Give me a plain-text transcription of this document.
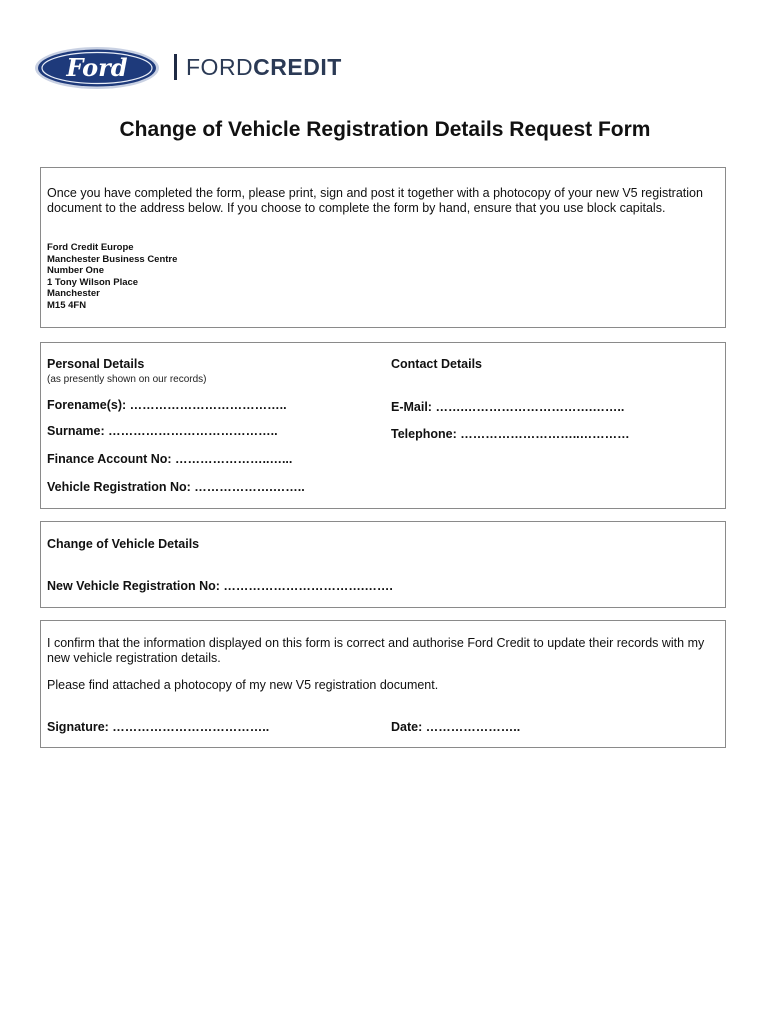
Ford	FORDCREDIT
Change of Vehicle Registration Details Request Form
Once you have completed the form, please print, sign and post it together with a photocopy of your new V5 registration document to the address below. If you choose to complete the form by hand, ensure that you use block capitals.
Ford Credit Europe
Manchester Business Centre
Number One
1 Tony Wilson Place
Manchester
M15 4FN
Personal Details
(as presently shown on our records)
Forename(s): ………………………………..
Surname: …………………………………..
Finance Account No: …………………..…...
Vehicle Registration No: ……………….……..
Contact Details
E-Mail: …….………………………….……..
Telephone: ………………………..…………
Change of Vehicle Details
New Vehicle Registration No: …………………………….…….
I confirm that the information displayed on this form is correct and authorise Ford Credit to update their records with my new vehicle registration details.
Please find attached a photocopy of my new V5 registration document.
Signature: ………………………………..	Date: …………………..
